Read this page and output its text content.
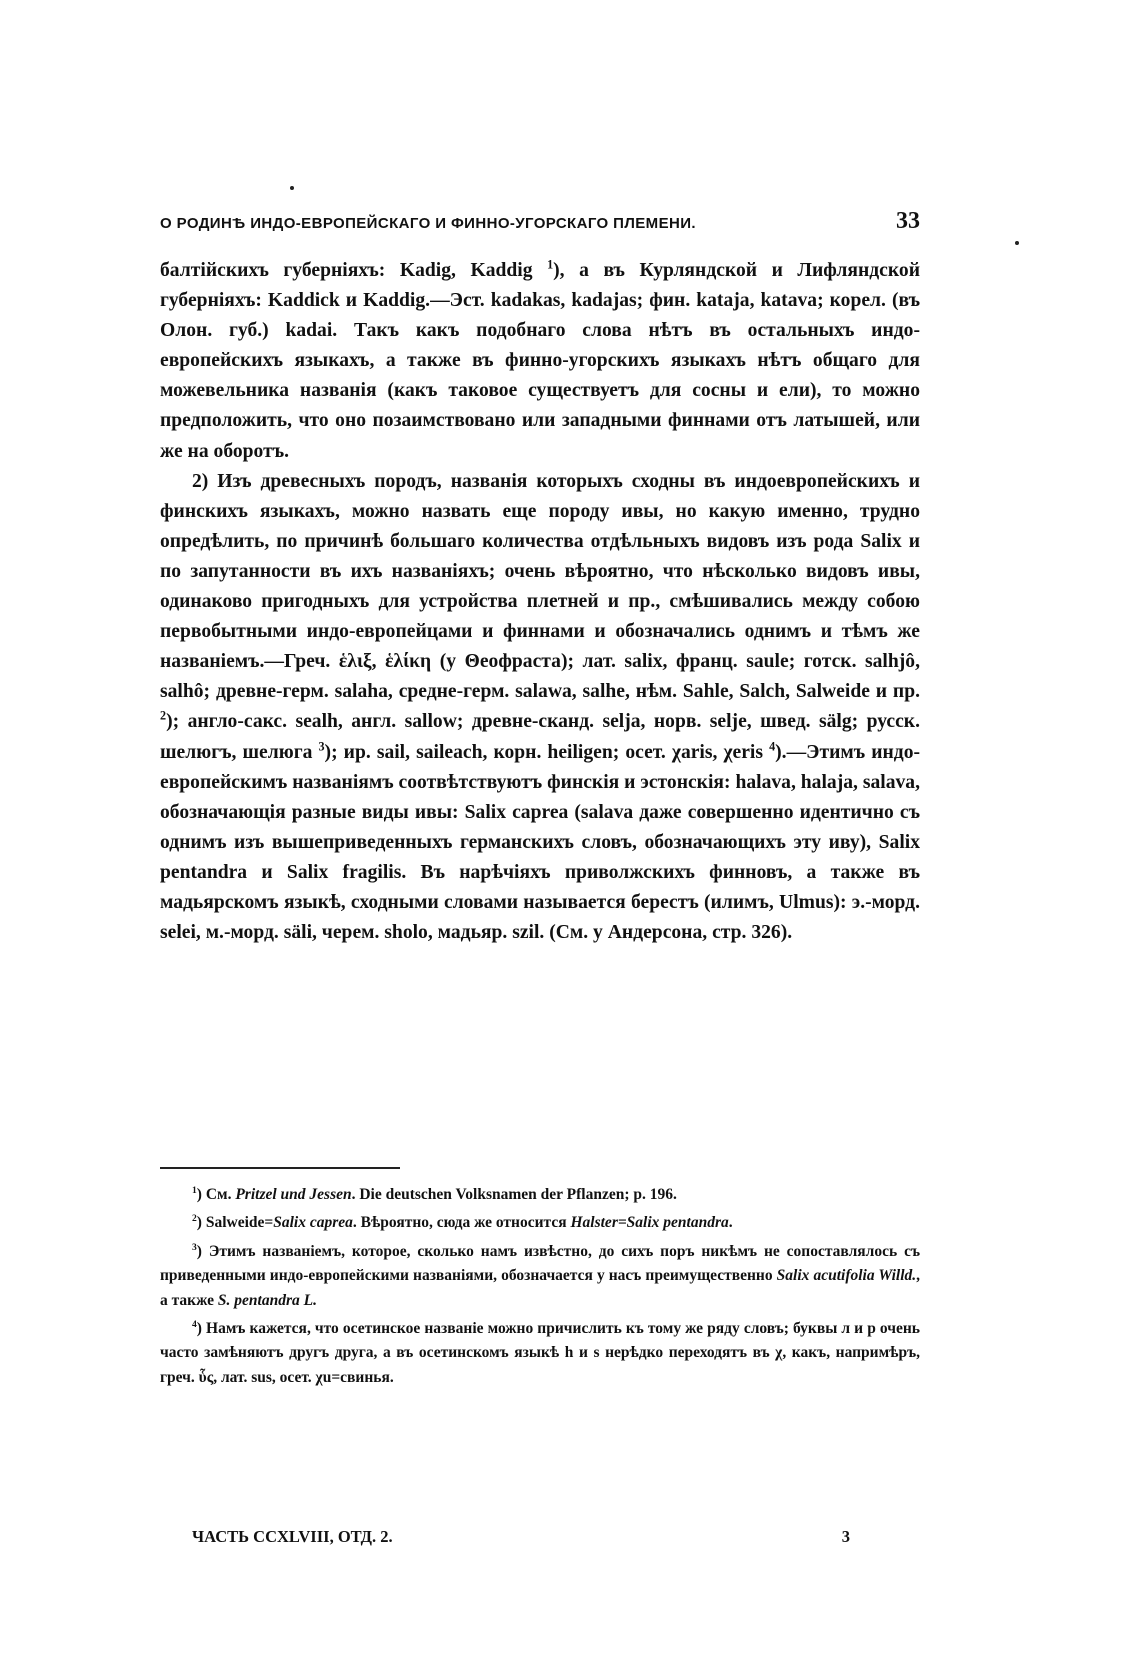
О РОДИНѢ ИНДО-ЕВРОПЕЙСКАГО И ФИННО-УГОРСКАГО ПЛЕМЕНИ.	33

балтійскихъ губерніяхъ: Kadig, Kaddig $^1$), а въ Курляндской и Лифляндской губерніяхъ: Kaddick и Kaddig.—Эст. kadakas, kadajas; фин. kataja, katava; корел. (въ Олон. губ.) kadai. Такъ какъ подобнаго слова нѣтъ въ остальныхъ индо-европейскихъ языкахъ, а также въ финно-угорскихъ языкахъ нѣтъ общаго для можевельника названія (какъ таковое существуетъ для сосны и ели), то можно предположить, что оно позаимствовано или западными финнами отъ латышей, или же на оборотъ.

2) Изъ древесныхъ породъ, названія которыхъ сходны въ индоевропейскихъ и финскихъ языкахъ, можно назвать еще породу ивы, но какую именно, трудно опредѣлить, по причинѣ большаго количества отдѣльныхъ видовъ изъ рода Salix и по запутанности въ ихъ названіяхъ; очень вѣроятно, что нѣсколько видовъ ивы, одинаково пригодныхъ для устройства плетней и пр., смѣшивались между собою первобытными индо-европейцами и финнами и обозначались однимъ и тѣмъ же названіемъ.—Греч. ἑλιξ, ἑλίκη (у Θеофраста); лат. salix, франц. saule; готск. salhjô, salhô; древне-герм. salaha, средне-герм. salawa, salhe, нѣм. Sahle, Salch, Salweide и пр. $^2$); англо-сакс. sealh, англ. sallow; древне-сканд. selja, норв. selje, швед. sälg; русск. шелюгъ, шелюга $^3$); ир. sail, saileach, корн. heiligen; осет. χaris, χeris $^4$).—Этимъ индо-европейскимъ названіямъ соотвѣтствуютъ финскія и эстонскія: halava, halaja, salava, обозначающія разные виды ивы: Salix caprea (salava даже совершенно идентично съ однимъ изъ вышеприведенныхъ германскихъ словъ, обозначающихъ эту иву), Salix pentandra и Salix fragilis. Въ нарѣчіяхъ приволжскихъ финновъ, а также въ мадьярскомъ языкѣ, сходными словами называется берестъ (илимъ, Ulmus): э.-морд. selei, м.-морд. säli, черем. sholo, мадьяр. szil. (См. у Андерсона, стр. 326).

$^1$) См. Pritzel und Jessen. Die deutschen Volksnamen der Pflanzen; p. 196.

$^2$) Salweide=Salix caprea. Вѣроятно, сюда же относится Halster=Salix pentandra.

$^3$) Этимъ названіемъ, которое, сколько намъ извѣстно, до сихъ поръ никѣмъ не сопоставлялось съ приведенными индо-европейскими названіями, обозначается у насъ преимущественно Salix acutifolia Willd., а также S. pentandra L.

$^4$) Намъ кажется, что осетинское названіе можно причислить къ тому же ряду словъ; буквы л и р очень часто замѣняютъ другъ друга, а въ осетинскомъ языкѣ h и s нерѣдко переходятъ въ χ, какъ, напримѣръ, греч. ὗς, лат. sus, осет. χu=свинья.

ЧАСТЬ CCXLVIII, ОТД. 2.	3
